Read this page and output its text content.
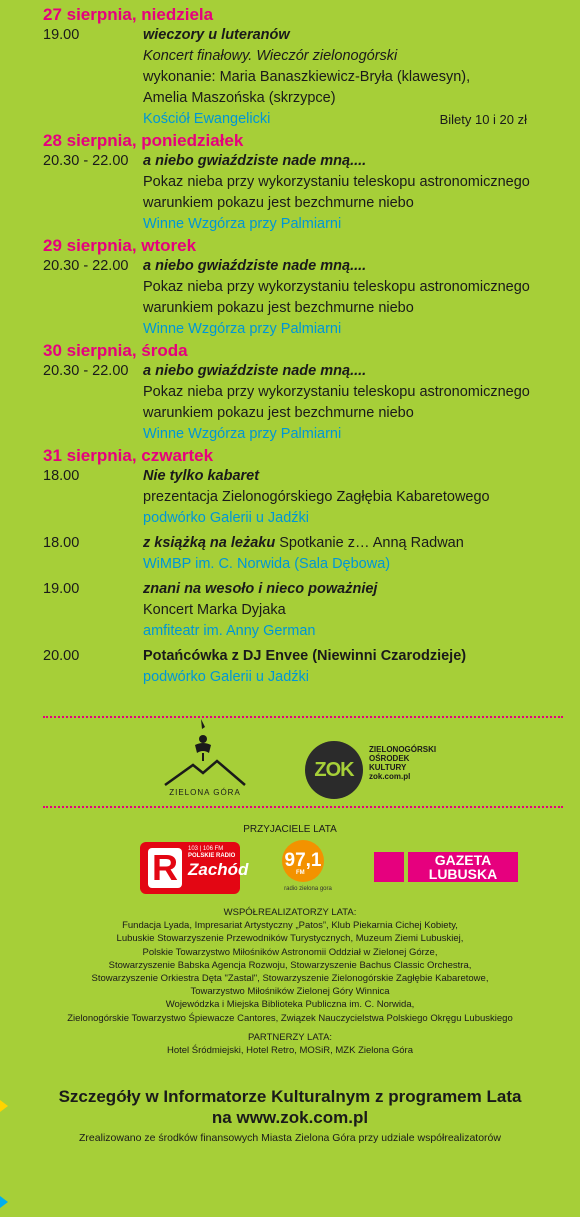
27 sierpnia, niedziela
19.00	wieczory u luteranów
Koncert finałowy. Wieczór zielonogórski
wykonanie: Maria Banaszkiewicz-Bryła (klawesyn),
Amelia Maszońska (skrzypce)
Kościół Ewangelicki	Bilety 10 i 20 zł
28 sierpnia, poniedziałek
20.30 - 22.00	a niebo gwiaździste nade mną....
Pokaz nieba przy wykorzystaniu teleskopu astronomicznego
warunkiem pokazu jest bezchmurne niebo
Winne Wzgórza przy Palmiarni
29 sierpnia, wtorek
20.30 - 22.00	a niebo gwiaździste nade mną....
Pokaz nieba przy wykorzystaniu teleskopu astronomicznego
warunkiem pokazu jest bezchmurne niebo
Winne Wzgórza przy Palmiarni
30 sierpnia, środa
20.30 - 22.00	a niebo gwiaździste nade mną....
Pokaz nieba przy wykorzystaniu teleskopu astronomicznego
warunkiem pokazu jest bezchmurne niebo
Winne Wzgórza przy Palmiarni
31 sierpnia, czwartek
18.00	Nie tylko kabaret
prezentacja Zielonogórskiego Zagłębia Kabaretowego
podwórko Galerii u Jadźki
18.00	z książką na leżaku Spotkanie z… Anną Radwan
WiMBP im. C. Norwida (Sala Dębowa)
19.00	znani na wesoło i nieco poważniej
Koncert Marka Dyjaka
amfiteatr im. Anny German
20.00	Potańcówka z DJ Envee (Niewinni Czarodzieje)
podwórko Galerii u Jadźki
ZIELONA GÓRA
ZOK
ZIELONOGÓRSKI
OŚRODEK
KULTURY
zok.com.pl
PRZYJACIELE LATA
R	103 | 106 FM
POLSKIE RADIO
Zachód 97,1
FM
radio zielona gora
GAZETA
LUBUSKA
WSPÓŁREALIZATORZY LATA:
Fundacja Lyada, Impresariat Artystyczny „Patos”, Klub Piekarnia Cichej Kobiety,
Lubuskie Stowarzyszenie Przewodników Turystycznych, Muzeum Ziemi Lubuskiej,
Polskie Towarzystwo Miłośników Astronomii Oddział w Zielonej Górze,
Stowarzyszenie Babska Agencja Rozwoju, Stowarzyszenie Bachus Classic Orchestra,
Stowarzyszenie Orkiestra Dęta "Zastal", Stowarzyszenie Zielonogórskie Zagłębie Kabaretowe,
Towarzystwo Miłośników Zielonej Góry Winnica
Wojewódzka i Miejska Biblioteka Publiczna im. C. Norwida,
Zielonogórskie Towarzystwo Śpiewacze Cantores, Związek Nauczycielstwa Polskiego Okręgu Lubuskiego
PARTNERZY LATA:
Hotel Śródmiejski, Hotel Retro, MOSiR, MZK Zielona Góra
Szczegóły w Informatorze Kulturalnym z programem Lata
na www.zok.com.pl
Zrealizowano ze środków finansowych Miasta Zielona Góra przy udziale współrealizatorów
